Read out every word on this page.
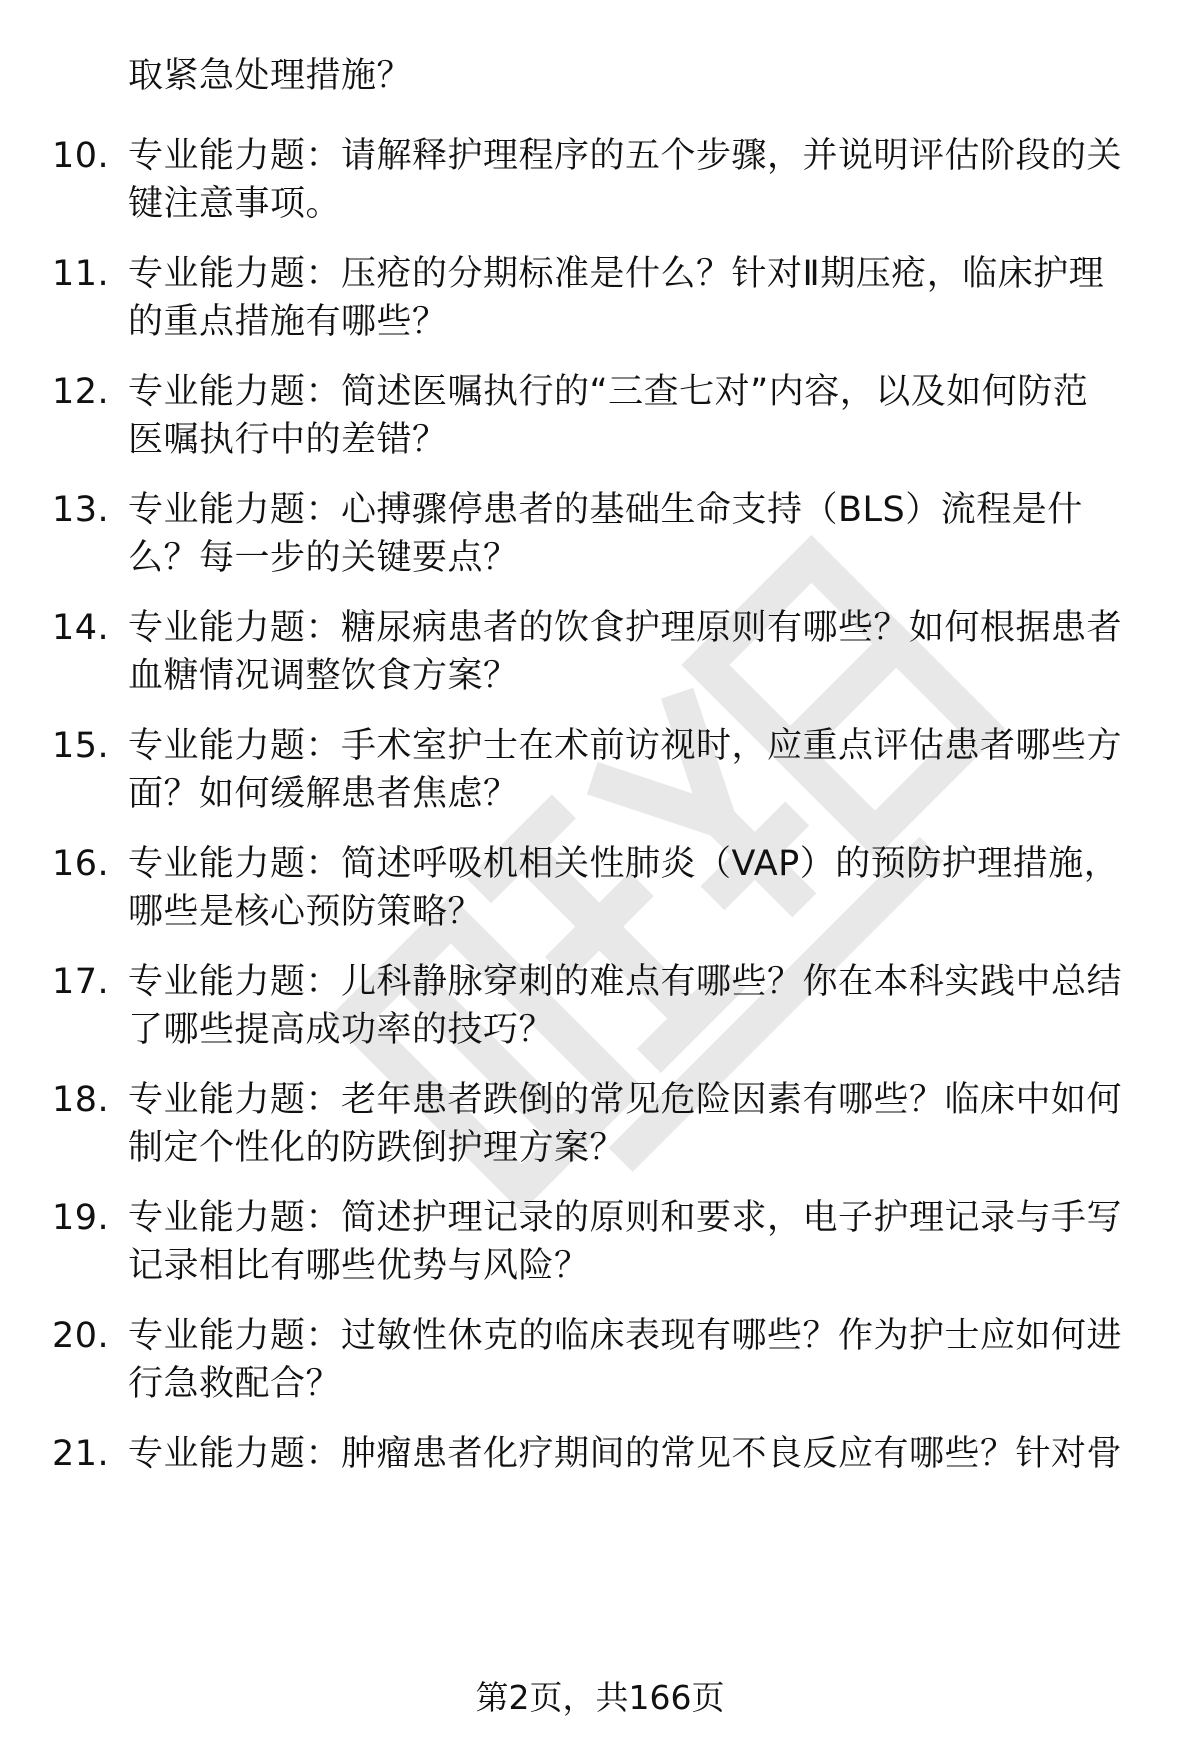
取紧急处理措施？
10. 专业能力题：请解释护理程序的五个步骤，并说明评估阶段的关
键注意事项。
11. 专业能力题：压疮的分期标准是什么？针对Ⅱ期压疮，临床护理
的重点措施有哪些？
12. 专业能力题：简述医嘱执行的“三查七对”内容，以及如何防范
医嘱执行中的差错？
13. 专业能力题：心搏骤停患者的基础生命支持（BLS）流程是什
么？每一步的关键要点？
14. 专业能力题：糖尿病患者的饮食护理原则有哪些？如何根据患者
血糖情况调整饮食方案？
15. 专业能力题：手术室护士在术前访视时，应重点评估患者哪些方
面？如何缓解患者焦虑？
16. 专业能力题：简述呼吸机相关性肺炎（VAP）的预防护理措施，
哪些是核心预防策略？
17. 专业能力题：儿科静脉穿刺的难点有哪些？你在本科实践中总结
了哪些提高成功率的技巧？
18. 专业能力题：老年患者跌倒的常见危险因素有哪些？临床中如何
制定个性化的防跌倒护理方案？
19. 专业能力题：简述护理记录的原则和要求，电子护理记录与手写
记录相比有哪些优势与风险？
20. 专业能力题：过敏性休克的临床表现有哪些？作为护士应如何进
行急救配合？
21. 专业能力题：肿瘤患者化疗期间的常见不良反应有哪些？针对骨
第2页，共166页
